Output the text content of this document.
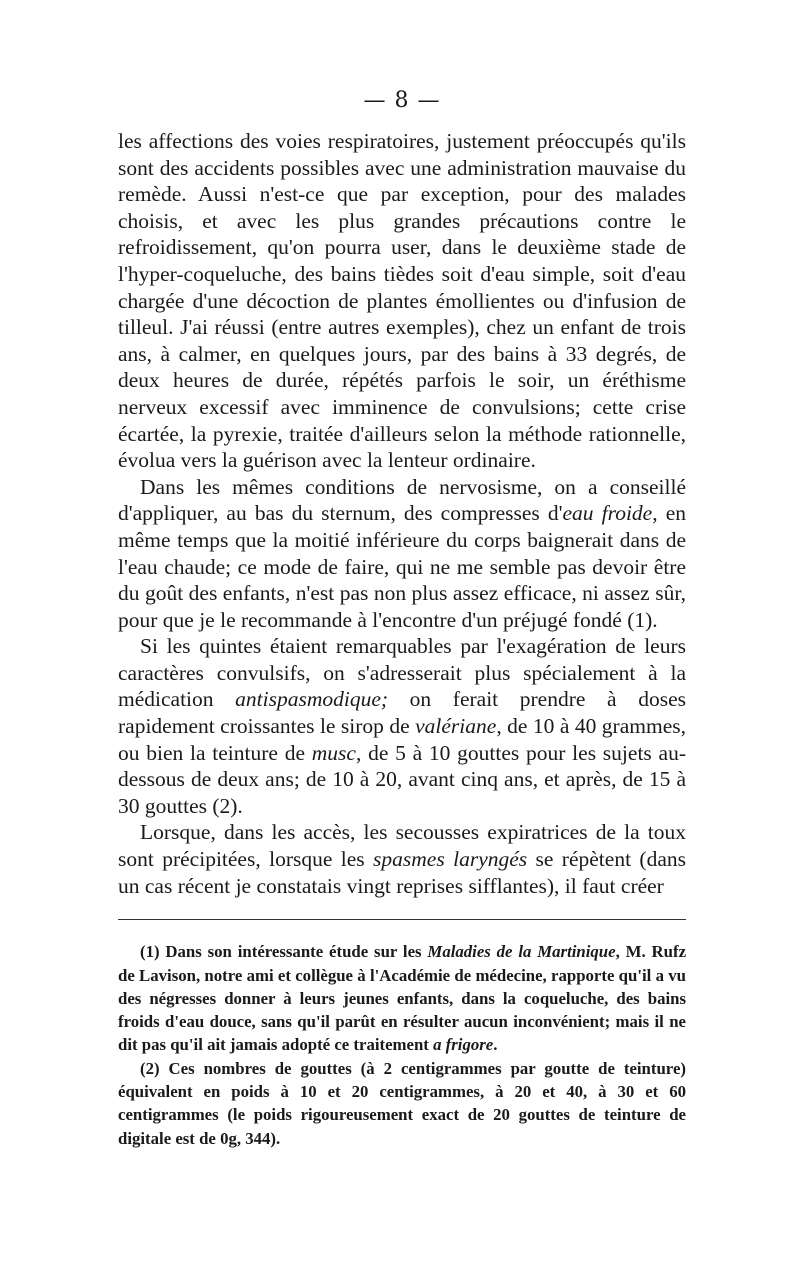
— 8 —

les affections des voies respiratoires, justement préoccupés qu'ils sont des accidents possibles avec une administration mauvaise du remède. Aussi n'est-ce que par exception, pour des malades choisis, et avec les plus grandes précautions contre le refroidissement, qu'on pourra user, dans le deuxième stade de l'hyper-coqueluche, des bains tièdes soit d'eau simple, soit d'eau chargée d'une décoction de plantes émollientes ou d'infusion de tilleul. J'ai réussi (entre autres exemples), chez un enfant de trois ans, à calmer, en quelques jours, par des bains à 33 degrés, de deux heures de durée, répétés parfois le soir, un éréthisme nerveux excessif avec imminence de convulsions; cette crise écartée, la pyrexie, traitée d'ailleurs selon la méthode rationnelle, évolua vers la guérison avec la lenteur ordinaire.

Dans les mêmes conditions de nervosisme, on a conseillé d'appliquer, au bas du sternum, des compresses d'eau froide, en même temps que la moitié inférieure du corps baignerait dans de l'eau chaude; ce mode de faire, qui ne me semble pas devoir être du goût des enfants, n'est pas non plus assez efficace, ni assez sûr, pour que je le recommande à l'encontre d'un préjugé fondé (1).

Si les quintes étaient remarquables par l'exagération de leurs caractères convulsifs, on s'adresserait plus spécialement à la médication antispasmodique; on ferait prendre à doses rapidement croissantes le sirop de valériane, de 10 à 40 grammes, ou bien la teinture de musc, de 5 à 10 gouttes pour les sujets au-dessous de deux ans; de 10 à 20, avant cinq ans, et après, de 15 à 30 gouttes (2).

Lorsque, dans les accès, les secousses expiratrices de la toux sont précipitées, lorsque les spasmes laryngés se répètent (dans un cas récent je constatais vingt reprises sifflantes), il faut créer

(1) Dans son intéressante étude sur les Maladies de la Martinique, M. Rufz de Lavison, notre ami et collègue à l'Académie de médecine, rapporte qu'il a vu des négresses donner à leurs jeunes enfants, dans la coqueluche, des bains froids d'eau douce, sans qu'il parût en résulter aucun inconvénient; mais il ne dit pas qu'il ait jamais adopté ce traitement a frigore.

(2) Ces nombres de gouttes (à 2 centigrammes par goutte de teinture) équivalent en poids à 10 et 20 centigrammes, à 20 et 40, à 30 et 60 centigrammes (le poids rigoureusement exact de 20 gouttes de teinture de digitale est de 0g, 344).
